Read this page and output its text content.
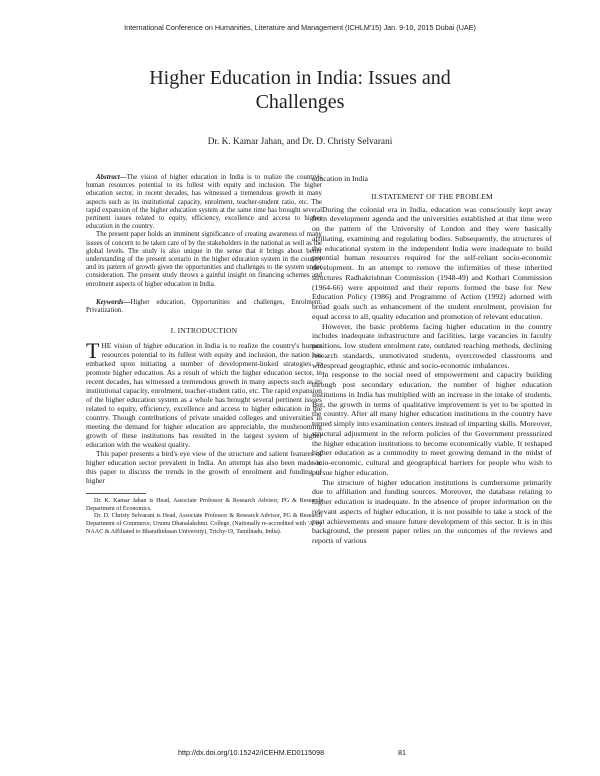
International Conference on Humanities, Literature and Management (ICHLM'15) Jan. 9-10, 2015 Dubai (UAE)
Higher Education in India: Issues and
Challenges
Dr. K. Kamar Jahan, and Dr. D. Christy Selvarani

Abstract—The vision of higher education in India is to realize the country's human resources potential to its fullest with equity and inclusion. The higher education sector, in recent decades, has witnessed a tremendous growth in many aspects such as its institutional capacity, enrolment, teacher-student ratio, etc. The rapid expansion of the higher education system at the same time has brought several pertinent issues related to equity, efficiency, excellence and access to higher education in the country.

The present paper holds an imminent significance of creating awareness of many issues of concern to be taken care of by the stakeholders in the national as well as the global levels. The study is also unique in the sense that it brings about better understanding of the present scenario in the higher education system in the country and its pattern of growth given the opportunities and challenges to the system under consideration. The present study throws a gainful insight on financing schemes and enrolment aspects of higher education in India.

Keywords—Higher education, Opportunities and challenges, Enrolment, Privatization.

I. INTRODUCTION

THE vision of higher education in India is to realize the country's human resources potential to its fullest with equity and inclusion, the nation has embarked upon initiating a number of development-linked strategies to promote higher education. As a result of which the higher education sector, in recent decades, has witnessed a tremendous growth in many aspects such as its institutional capacity, enrolment, teacher-student ratio, etc. The rapid expansion of the higher education system as a whole has brought several pertinent issues related to equity, efficiency, excellence and access to higher education in the country. Though contributions of private unaided colleges and universities in meeting the demand for higher education are appreciable, the mushrooming growth of these institutions has resulted in the largest system of higher education with the weakest quality.

This paper presents a bird's eye view of the structure and salient features of higher education sector prevalent in India. An attempt has also been made in this paper to discuss the trends in the growth of enrolment and funding of higher

Dr. K. Kamar Jahan is Head, Associate Professor & Research Advisor, PG & Research Department of Economics.

Dr. D. Christy Selvarani is Head, Associate Professor & Research Advisor, PG & Research Department of Commerce, Urumu Dhanalakshmi. College, (Nationally re-accredited with 'A' by NAAC & Affiliated to Bharathidasan University), Trichy-19, Tamilnadu, India).

education in India

II.STATEMENT OF THE PROBLEM

During the colonial era in India, education was consciously kept away from development agenda and the universities established at that time were on the pattern of the University of London and they were basically affiliating, examining and regulating bodies. Subsequently, the structures of the educational system in the independent India were inadequate to build potential human resources required for the self-reliant socio-economic development. In an attempt to remove the infirmities of these inherited structures Radhakrishnan Commission (1948-49) and Kothari Commission (1964-66) were appointed and their reports formed the base for New Education Policy (1986) and Programme of Action (1992) adorned with broad goals such as enhancement of the student enrolment, provision for equal access to all, quality education and promotion of relevant education.

However, the basic problems facing higher education in the country includes inadequate infrastructure and facilities, large vacancies in faculty positions, low student enrolment rate, outdated teaching methods, declining research standards, unmotivated students, overcrowded classrooms and widespread geographic, ethnic and socio-economic imbalances.

In response to the social need of empowerment and capacity building through post secondary education, the number of higher education institutions in India has multiplied with an increase in the intake of students. But, the growth in terms of qualitative improvement is yet to be spotted in the country. After all many higher education institutions in the country have turned simply into examination centers instead of imparting skills. Moreover, structural adjustment in the reform policies of the Government pressurized the higher education institutions to become economically viable. It reshaped higher education as a commodity to meet growing demand in the midst of socio-economic, cultural and geographical barriers for people who wish to pursue higher education.

The structure of higher education institutions is cumbersome primarily due to affiliation and funding sources. Moreover, the database relating to higher education is inadequate. In the absence of proper information on the relevant aspects of higher education, it is not possible to take a stock of the past achievements and ensure future development of this sector. It is in this background, the present paper relies on the outcomes of the reviews and reports of various

http://dx.doi.org/10.15242/ICEHM.ED0115098	81
